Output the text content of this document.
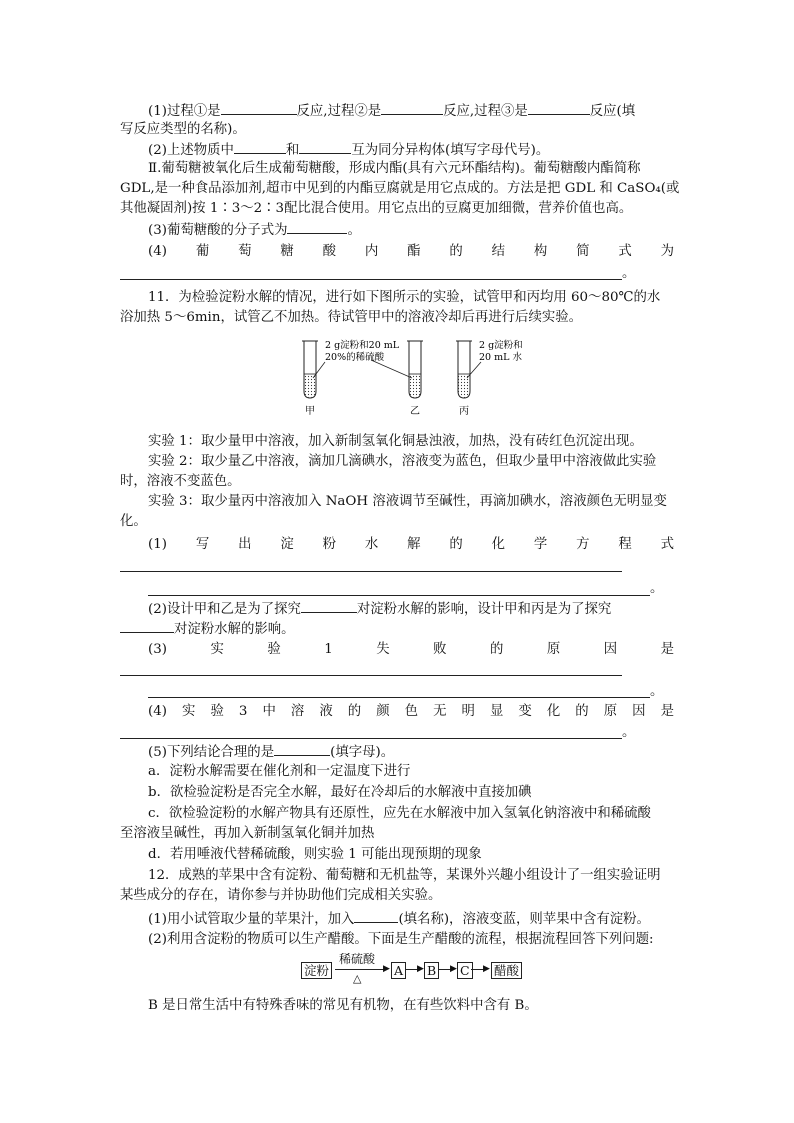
(1)过程①是	反应,过程②是	反应,过程③是	反应(填
写反应类型的名称)。
(2)上述物质中	和	互为同分异构体(填写字母代号)。
Ⅱ.葡萄糖被氧化后生成葡萄糖酸，形成内酯(具有六元环酯结构)。葡萄糖酸内酯简称
GDL,是一种食品添加剂,超市中见到的内酯豆腐就是用它点成的。方法是把 GDL 和 CaSO₄(或
其他凝固剂)按 1∶3～2∶3配比混合使用。用它点出的豆腐更加细微，营养价值也高。
(3)葡萄糖酸的分子式为	。
(4) 葡 萄 糖 酸 内 酯 的 结 构 简 式 为
。
11．为检验淀粉水解的情况，进行如下图所示的实验，试管甲和丙均用 60～80℃的水
浴加热 5～6min，试管乙不加热。待试管甲中的溶液冷却后再进行后续实验。
2 g淀粉和20 mL
20%的稀硫酸
2 g淀粉和
20 mL 水
甲	乙	丙
实验 1：取少量甲中溶液，加入新制氢氧化铜悬浊液，加热，没有砖红色沉淀出现。
实验 2：取少量乙中溶液，滴加几滴碘水，溶液变为蓝色，但取少量甲中溶液做此实验
时，溶液不变蓝色。
实验 3：取少量丙中溶液加入 NaOH 溶液调节至碱性，再滴加碘水，溶液颜色无明显变
化。
(1) 写 出 淀 粉 水 解 的 化 学 方 程 式
。
(2)设计甲和乙是为了探究	对淀粉水解的影响，设计甲和丙是为了探究
对淀粉水解的影响。
(3)	实	验	1	失	败	的	原	因	是
。
(4) 实 验 3 中 溶 液 的 颜 色 无 明 显 变 化 的 原 因 是
。
(5)下列结论合理的是	(填字母)。
a．淀粉水解需要在催化剂和一定温度下进行
b．欲检验淀粉是否完全水解，最好在冷却后的水解液中直接加碘
c．欲检验淀粉的水解产物具有还原性，应先在水解液中加入氢氧化钠溶液中和稀硫酸
至溶液呈碱性，再加入新制氢氧化铜并加热
d．若用唾液代替稀硫酸，则实验 1 可能出现预期的现象
12．成熟的苹果中含有淀粉、葡萄糖和无机盐等，某课外兴趣小组设计了一组实验证明
某些成分的存在，请你参与并协助他们完成相关实验。
(1)用小试管取少量的苹果汁，加入	(填名称)，溶液变蓝，则苹果中含有淀粉。
(2)利用含淀粉的物质可以生产醋酸。下面是生产醋酸的流程，根据流程回答下列问题:
淀粉
稀硫酸
△
▶ A	▶ B	▶ C	▶ 醋酸
B 是日常生活中有特殊香味的常见有机物，在有些饮料中含有 B。
